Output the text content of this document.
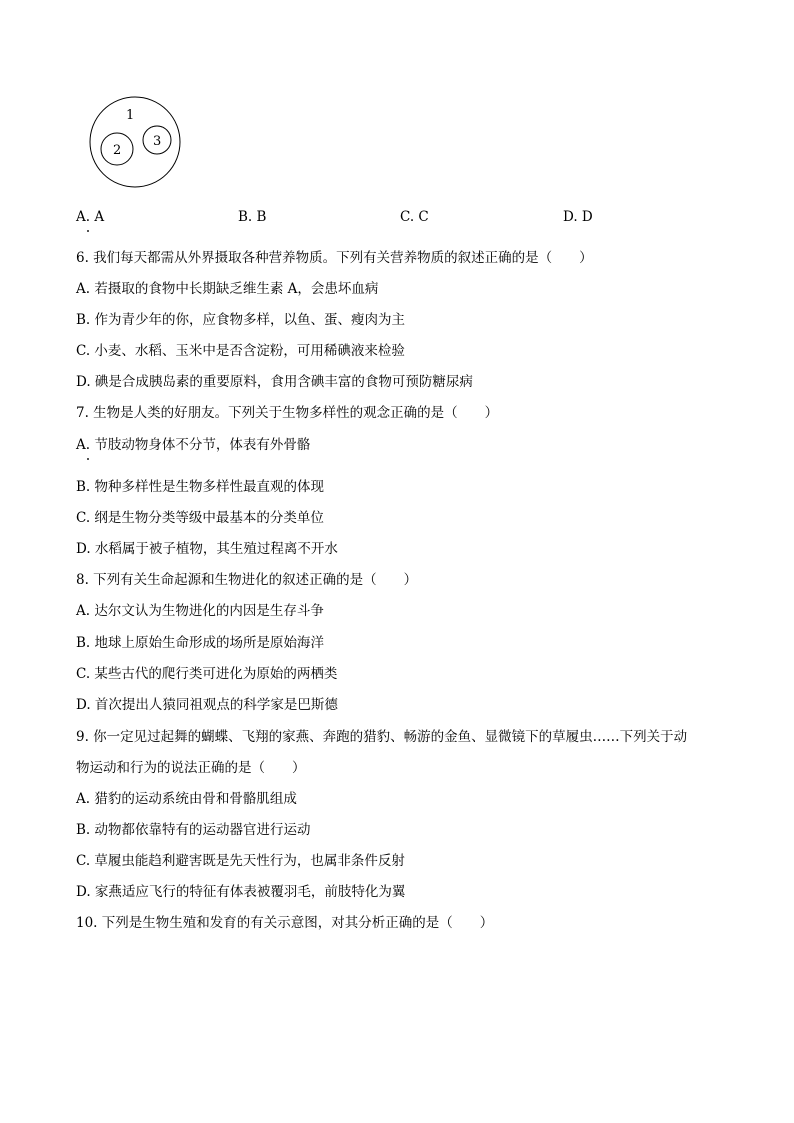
1
2
3
A. A	B. B	C. C	D. D
6. 我们每天都需从外界摄取各种营养物质。下列有关营养物质的叙述正确的是（　　）
A. 若摄取的食物中长期缺乏维生素 A，会患坏血病
B. 作为青少年的你，应食物多样，以鱼、蛋、瘦肉为主
C. 小麦、水稻、玉米中是否含淀粉，可用稀碘液来检验
D. 碘是合成胰岛素的重要原料，食用含碘丰富的食物可预防糖尿病
7. 生物是人类的好朋友。下列关于生物多样性的观念正确的是（　　）
A. 节肢动物身体不分节，体表有外骨骼
B. 物种多样性是生物多样性最直观的体现
C. 纲是生物分类等级中最基本的分类单位
D. 水稻属于被子植物，其生殖过程离不开水
8. 下列有关生命起源和生物进化的叙述正确的是（　　）
A. 达尔文认为生物进化的内因是生存斗争
B. 地球上原始生命形成的场所是原始海洋
C. 某些古代的爬行类可进化为原始的两栖类
D. 首次提出人猿同祖观点的科学家是巴斯德
9. 你一定见过起舞的蝴蝶、飞翔的家燕、奔跑的猎豹、畅游的金鱼、显微镜下的草履虫……下列关于动
物运动和行为的说法正确的是（　　）
A. 猎豹的运动系统由骨和骨骼肌组成
B. 动物都依靠特有的运动器官进行运动
C. 草履虫能趋利避害既是先天性行为，也属非条件反射
D. 家燕适应飞行的特征有体表被覆羽毛，前肢特化为翼
10. 下列是生物生殖和发育的有关示意图，对其分析正确的是（　　）
